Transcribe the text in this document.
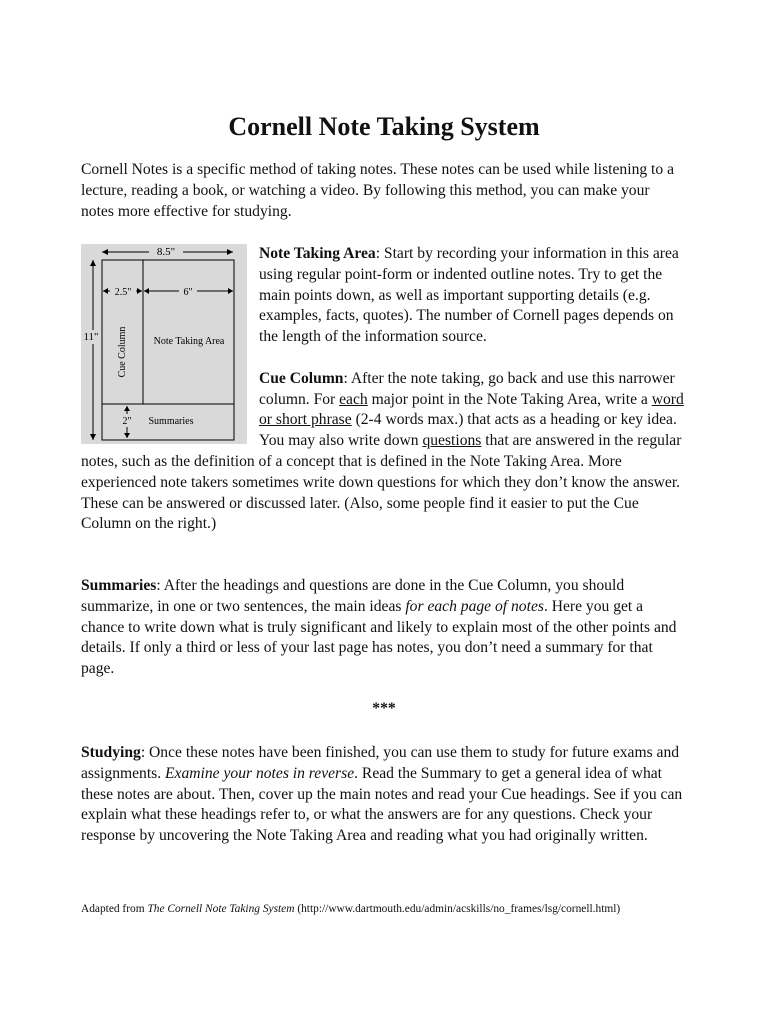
Cornell Note Taking System

Cornell Notes is a specific method of taking notes. These notes can be used while listening to a lecture, reading a book, or watching a video. By following this method, you can make your notes more effective for studying.

8.5"
11"
2.5"	6"
Cue Column	Note Taking Area
2" Summaries
Note Taking Area: Start by recording your information in this area using regular point-form or indented outline notes. Try to get the main points down, as well as important supporting details (e.g. examples, facts, quotes). The number of Cornell pages depends on the length of the information source.
Cue Column: After the note taking, go back and use this narrower column. For each major point in the Note Taking Area, write a word or short phrase (2-4 words max.) that acts as a heading or key idea. You may also write down questions that are answered in the regular notes, such as the definition of a concept that is defined in the Note Taking Area. More experienced note takers sometimes write down questions for which they don’t know the answer. These can be answered or discussed later. (Also, some people find it easier to put the Cue Column on the right.)

Summaries: After the headings and questions are done in the Cue Column, you should summarize, in one or two sentences, the main ideas for each page of notes. Here you get a chance to write down what is truly significant and likely to explain most of the other points and details. If only a third or less of your last page has notes, you don’t need a summary for that page.

***

Studying: Once these notes have been finished, you can use them to study for future exams and assignments. Examine your notes in reverse. Read the Summary to get a general idea of what these notes are about. Then, cover up the main notes and read your Cue headings. See if you can explain what these headings refer to, or what the answers are for any questions. Check your response by uncovering the Note Taking Area and reading what you had originally written.

Adapted from The Cornell Note Taking System (http://www.dartmouth.edu/admin/acskills/no_frames/lsg/cornell.html)
